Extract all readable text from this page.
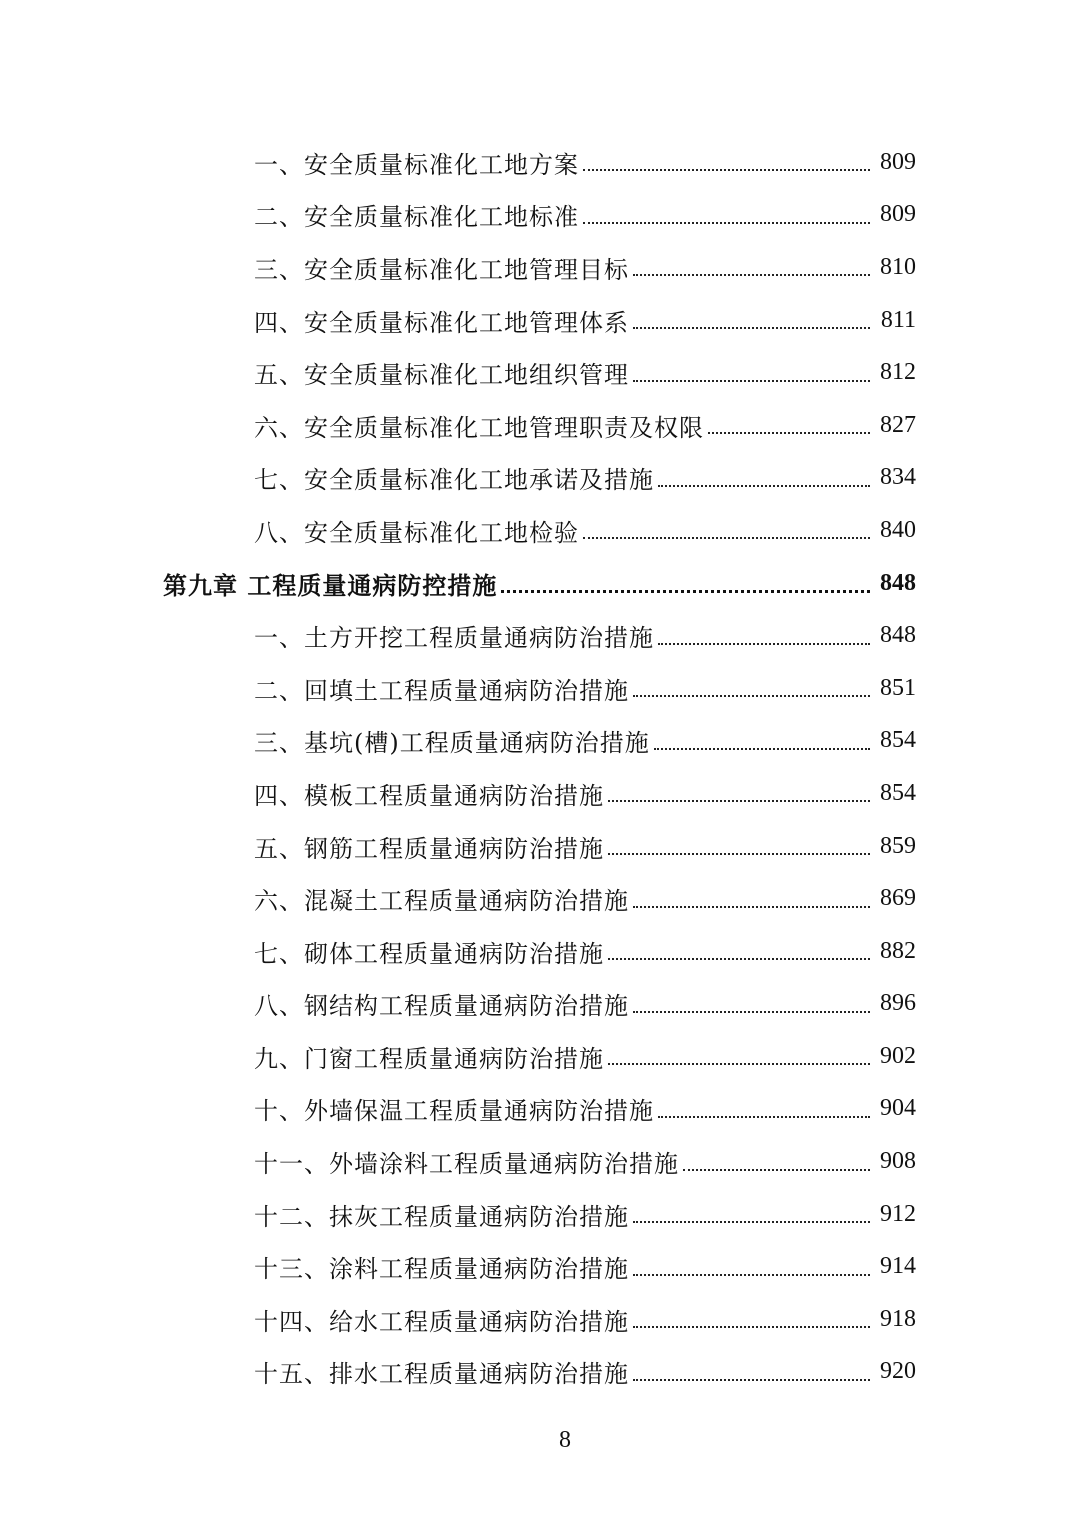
一、安全质量标准化工地方案	809
二、安全质量标准化工地标准	809
三、安全质量标准化工地管理目标	810
四、安全质量标准化工地管理体系	811
五、安全质量标准化工地组织管理	812
六、安全质量标准化工地管理职责及权限	827
七、安全质量标准化工地承诺及措施	834
八、安全质量标准化工地检验	840
第九章 工程质量通病防控措施	848
一、土方开挖工程质量通病防治措施	848
二、回填土工程质量通病防治措施	851
三、基坑(槽)工程质量通病防治措施	854
四、模板工程质量通病防治措施	854
五、钢筋工程质量通病防治措施	859
六、混凝土工程质量通病防治措施	869
七、砌体工程质量通病防治措施	882
八、钢结构工程质量通病防治措施	896
九、门窗工程质量通病防治措施	902
十、外墙保温工程质量通病防治措施	904
十一、外墙涂料工程质量通病防治措施	908
十二、抹灰工程质量通病防治措施	912
十三、涂料工程质量通病防治措施	914
十四、给水工程质量通病防治措施	918
十五、排水工程质量通病防治措施	920
8
